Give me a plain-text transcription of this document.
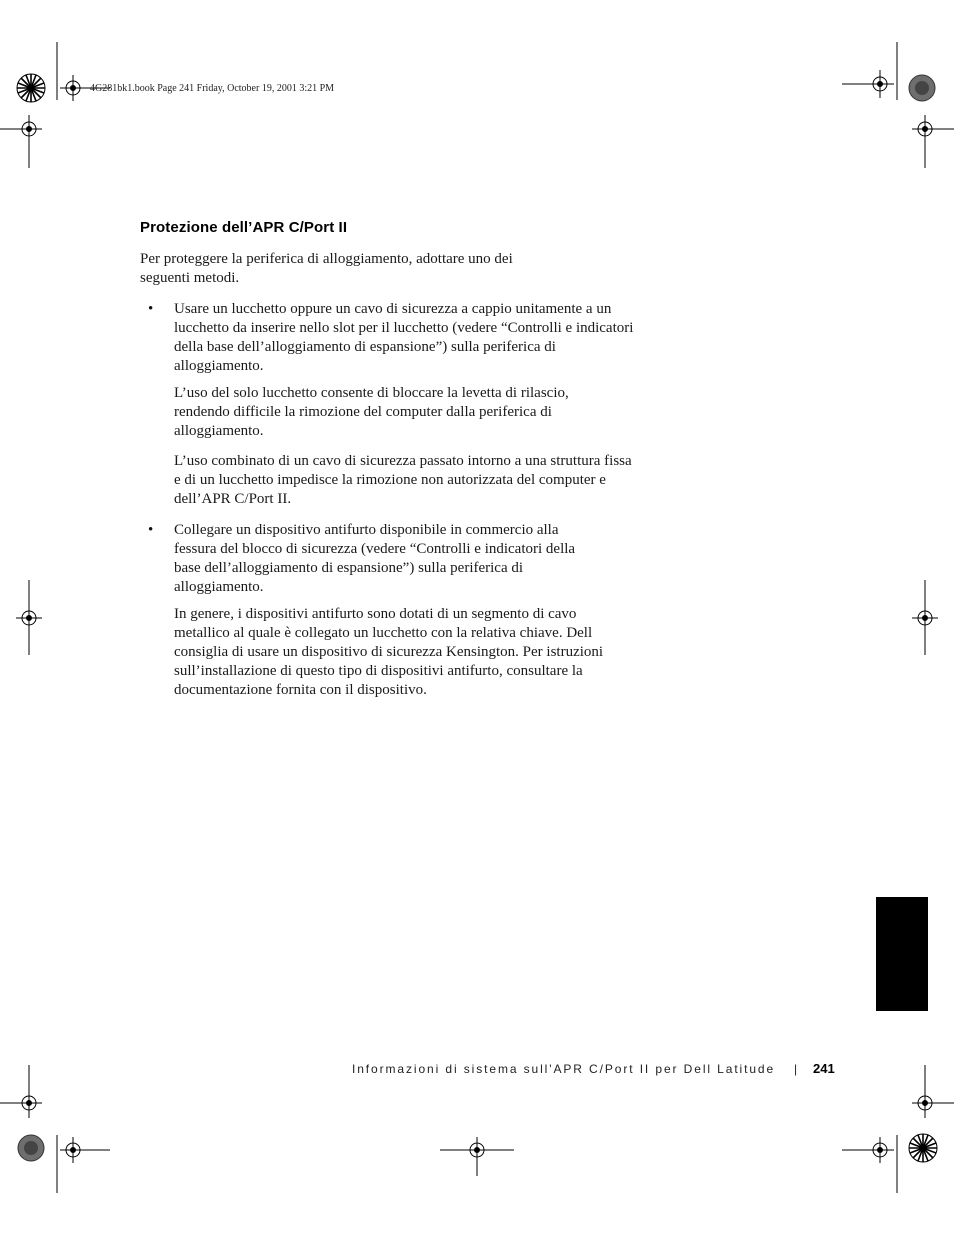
4G281bk1.book Page 241 Friday, October 19, 2001 3:21 PM
Protezione dell’APR C/Port II
Per proteggere la periferica di alloggiamento, adottare uno dei seguenti metodi.
• Usare un lucchetto oppure un cavo di sicurezza a cappio unitamente a un lucchetto da inserire nello slot per il lucchetto (vedere “Controlli e indicatori della base dell’alloggiamento di espansione”) sulla periferica di alloggiamento.
L’uso del solo lucchetto consente di bloccare la levetta di rilascio, rendendo difficile la rimozione del computer dalla periferica di alloggiamento.
L’uso combinato di un cavo di sicurezza passato intorno a una struttura fissa e di un lucchetto impedisce la rimozione non autorizzata del computer e dell’APR C/Port II.
• Collegare un dispositivo antifurto disponibile in commercio alla fessura del blocco di sicurezza (vedere “Controlli e indicatori della base dell’alloggiamento di espansione”) sulla periferica di alloggiamento.
In genere, i dispositivi antifurto sono dotati di un segmento di cavo metallico al quale è collegato un lucchetto con la relativa chiave. Dell consiglia di usare un dispositivo di sicurezza Kensington. Per istruzioni sull’installazione di questo tipo di dispositivi antifurto, consultare la documentazione fornita con il dispositivo.
Informazioni di sistema sull'APR C/Port II per Dell Latitude | 241
